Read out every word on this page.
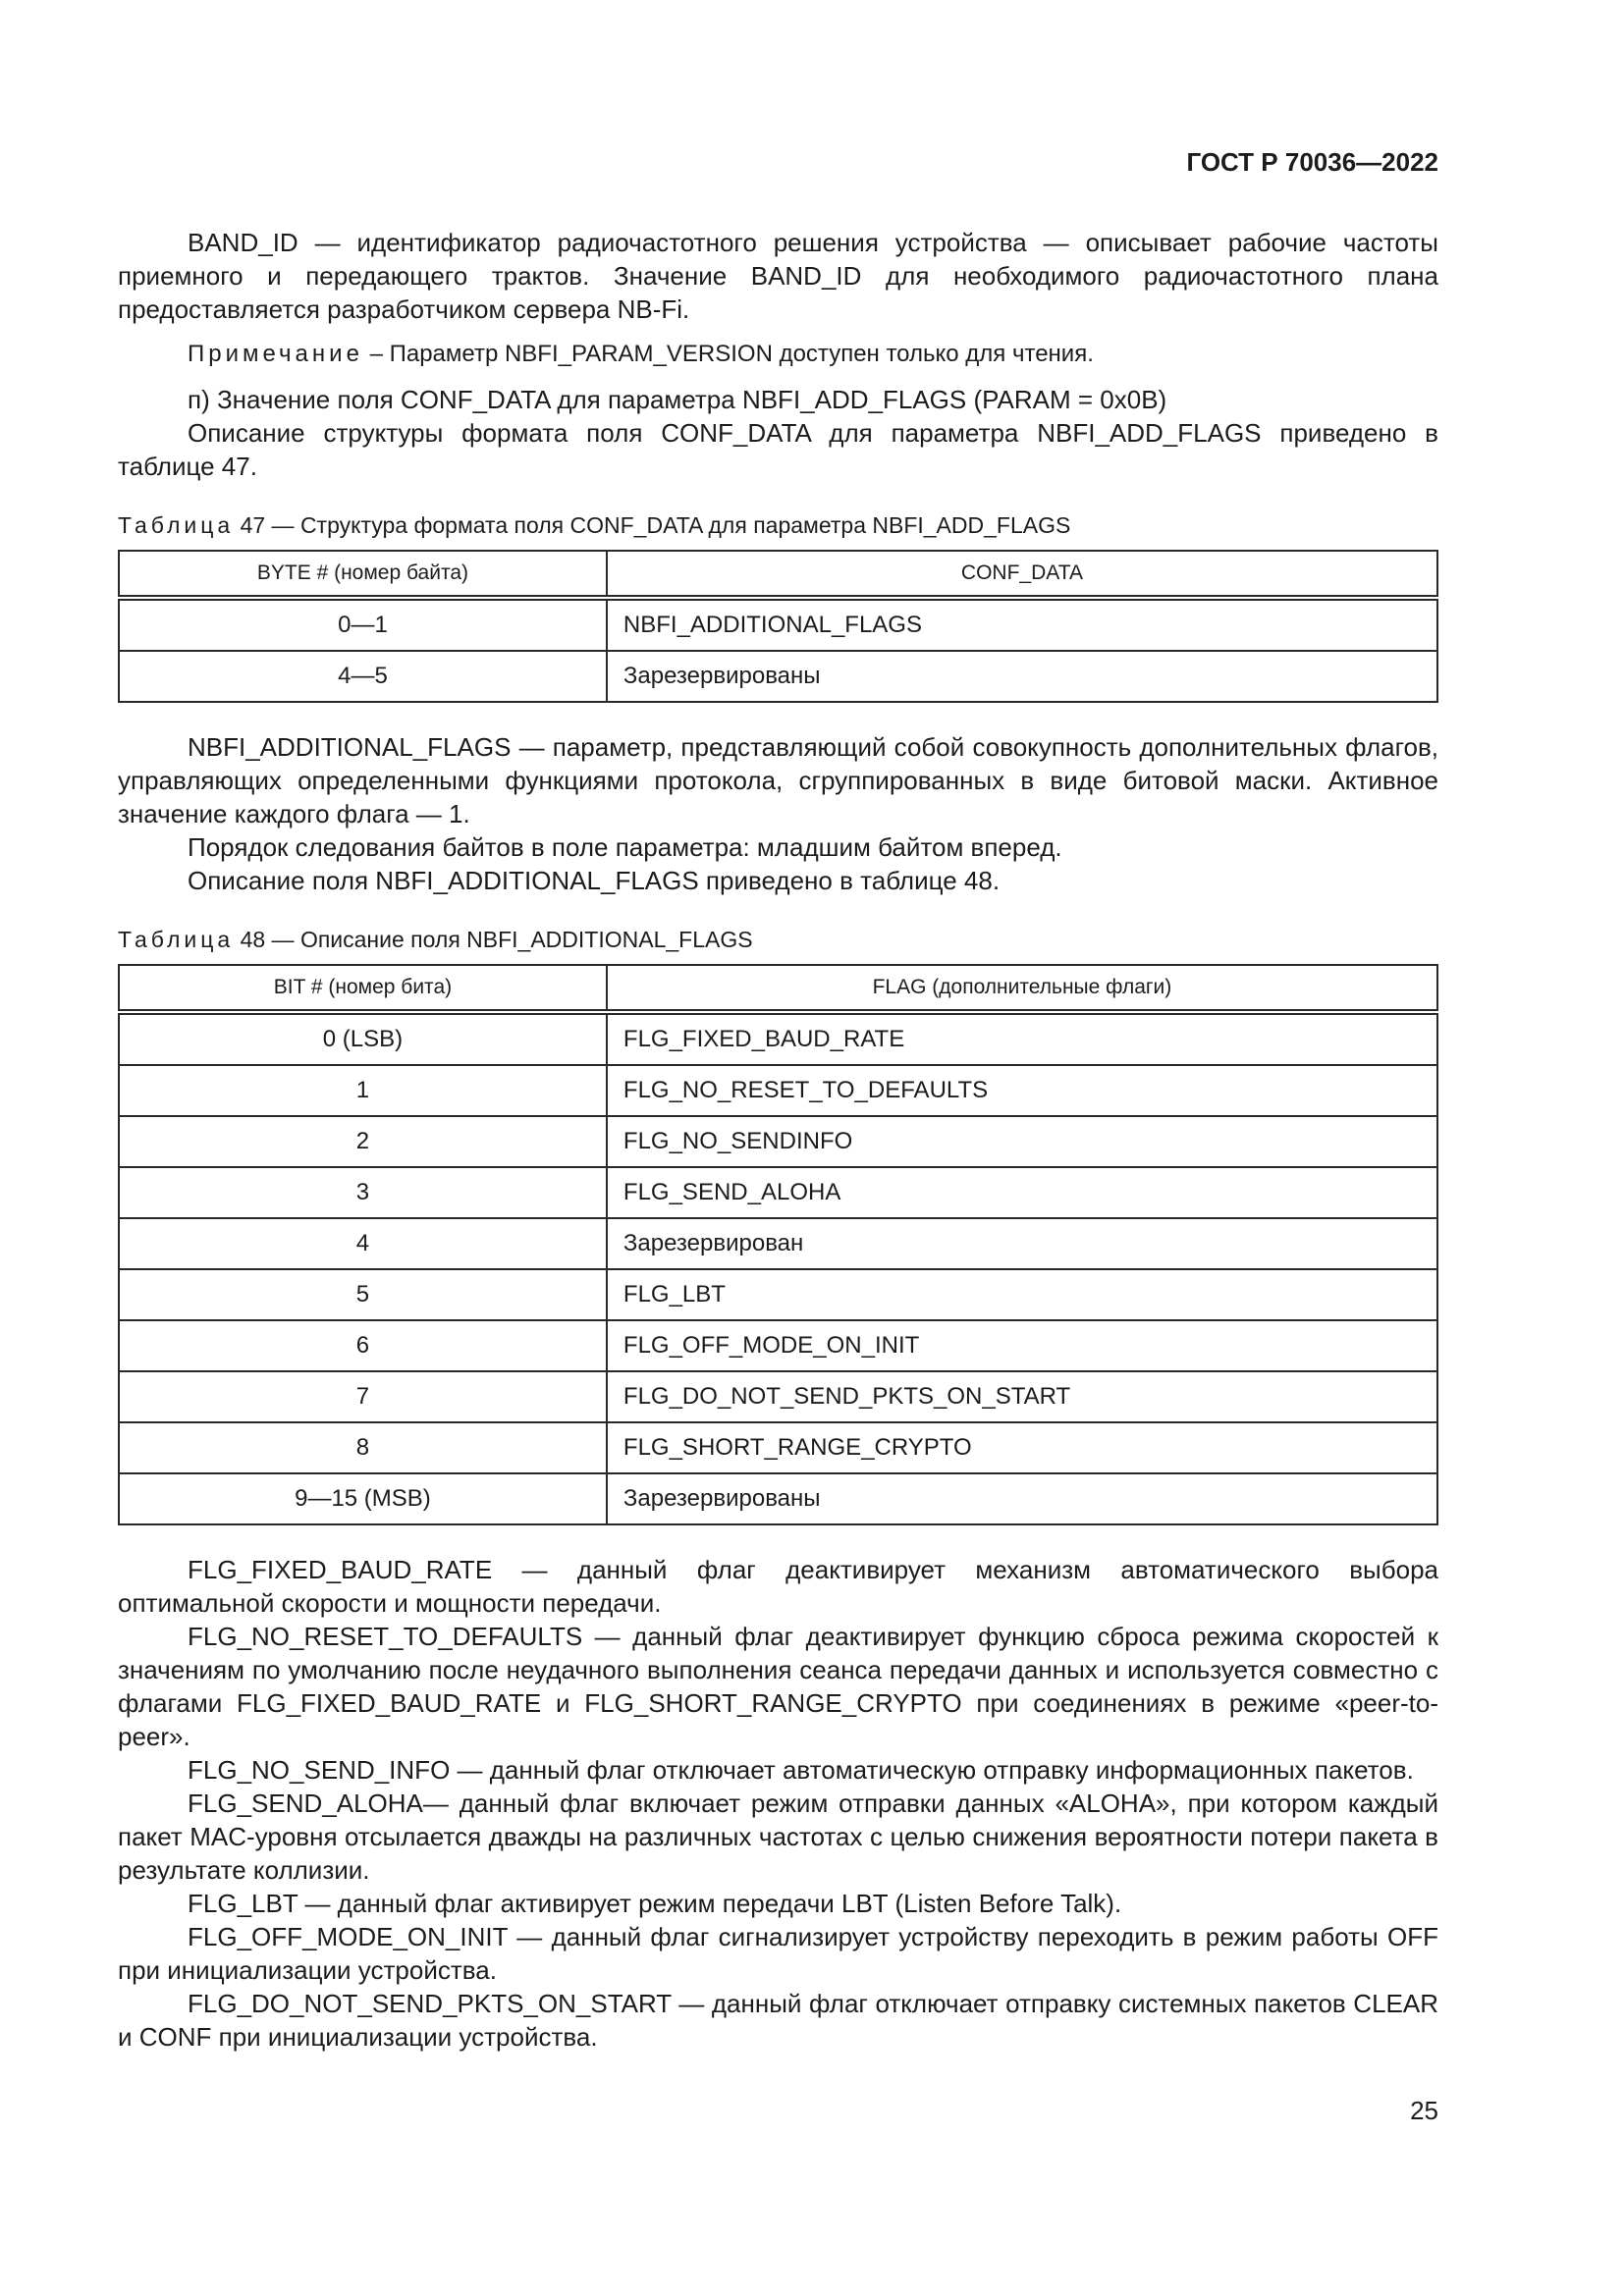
ГОСТ Р 70036—2022

BAND_ID — идентификатор радиочастотного решения устройства — описывает рабочие частоты приемного и передающего трактов. Значение BAND_ID для необходимого радиочастотного плана предоставляется разработчиком сервера NB-Fi.

Примечание – Параметр NBFI_PARAM_VERSION доступен только для чтения.

п) Значение поля CONF_DATA для параметра NBFI_ADD_FLAGS (PARAM = 0x0B)

Описание структуры формата поля CONF_DATA для параметра NBFI_ADD_FLAGS приведено в таблице 47.

Таблица 47 — Структура формата поля CONF_DATA для параметра NBFI_ADD_FLAGS
BYTE # (номер байта)	CONF_DATA
0—1	NBFI_ADDITIONAL_FLAGS
4—5	Зарезервированы

NBFI_ADDITIONAL_FLAGS — параметр, представляющий собой совокупность дополнительных флагов, управляющих определенными функциями протокола, сгруппированных в виде битовой маски. Активное значение каждого флага — 1.

Порядок следования байтов в поле параметра: младшим байтом вперед.

Описание поля NBFI_ADDITIONAL_FLAGS приведено в таблице 48.

Таблица 48 — Описание поля NBFI_ADDITIONAL_FLAGS
BIT # (номер бита)	FLAG (дополнительные флаги)
0 (LSB)	FLG_FIXED_BAUD_RATE
1	FLG_NO_RESET_TO_DEFAULTS
2	FLG_NO_SENDINFO
3	FLG_SEND_ALOHA
4	Зарезервирован
5	FLG_LBT
6	FLG_OFF_MODE_ON_INIT
7	FLG_DO_NOT_SEND_PKTS_ON_START
8	FLG_SHORT_RANGE_CRYPTO
9—15 (MSB)	Зарезервированы

FLG_FIXED_BAUD_RATE — данный флаг деактивирует механизм автоматического выбора оптимальной скорости и мощности передачи.

FLG_NO_RESET_TO_DEFAULTS — данный флаг деактивирует функцию сброса режима скоростей к значениям по умолчанию после неудачного выполнения сеанса передачи данных и используется совместно с флагами FLG_FIXED_BAUD_RATE и FLG_SHORT_RANGE_CRYPTO при соединениях в режиме «peer-to-peer».

FLG_NO_SEND_INFO — данный флаг отключает автоматическую отправку информационных пакетов.

FLG_SEND_ALOHA— данный флаг включает режим отправки данных «ALOHA», при котором каждый пакет MAC-уровня отсылается дважды на различных частотах с целью снижения вероятности потери пакета в результате коллизии.

FLG_LBT — данный флаг активирует режим передачи LBT (Listen Before Talk).

FLG_OFF_MODE_ON_INIT — данный флаг сигнализирует устройству переходить в режим работы OFF при инициализации устройства.

FLG_DO_NOT_SEND_PKTS_ON_START — данный флаг отключает отправку системных пакетов CLEAR и CONF при инициализации устройства.

25
